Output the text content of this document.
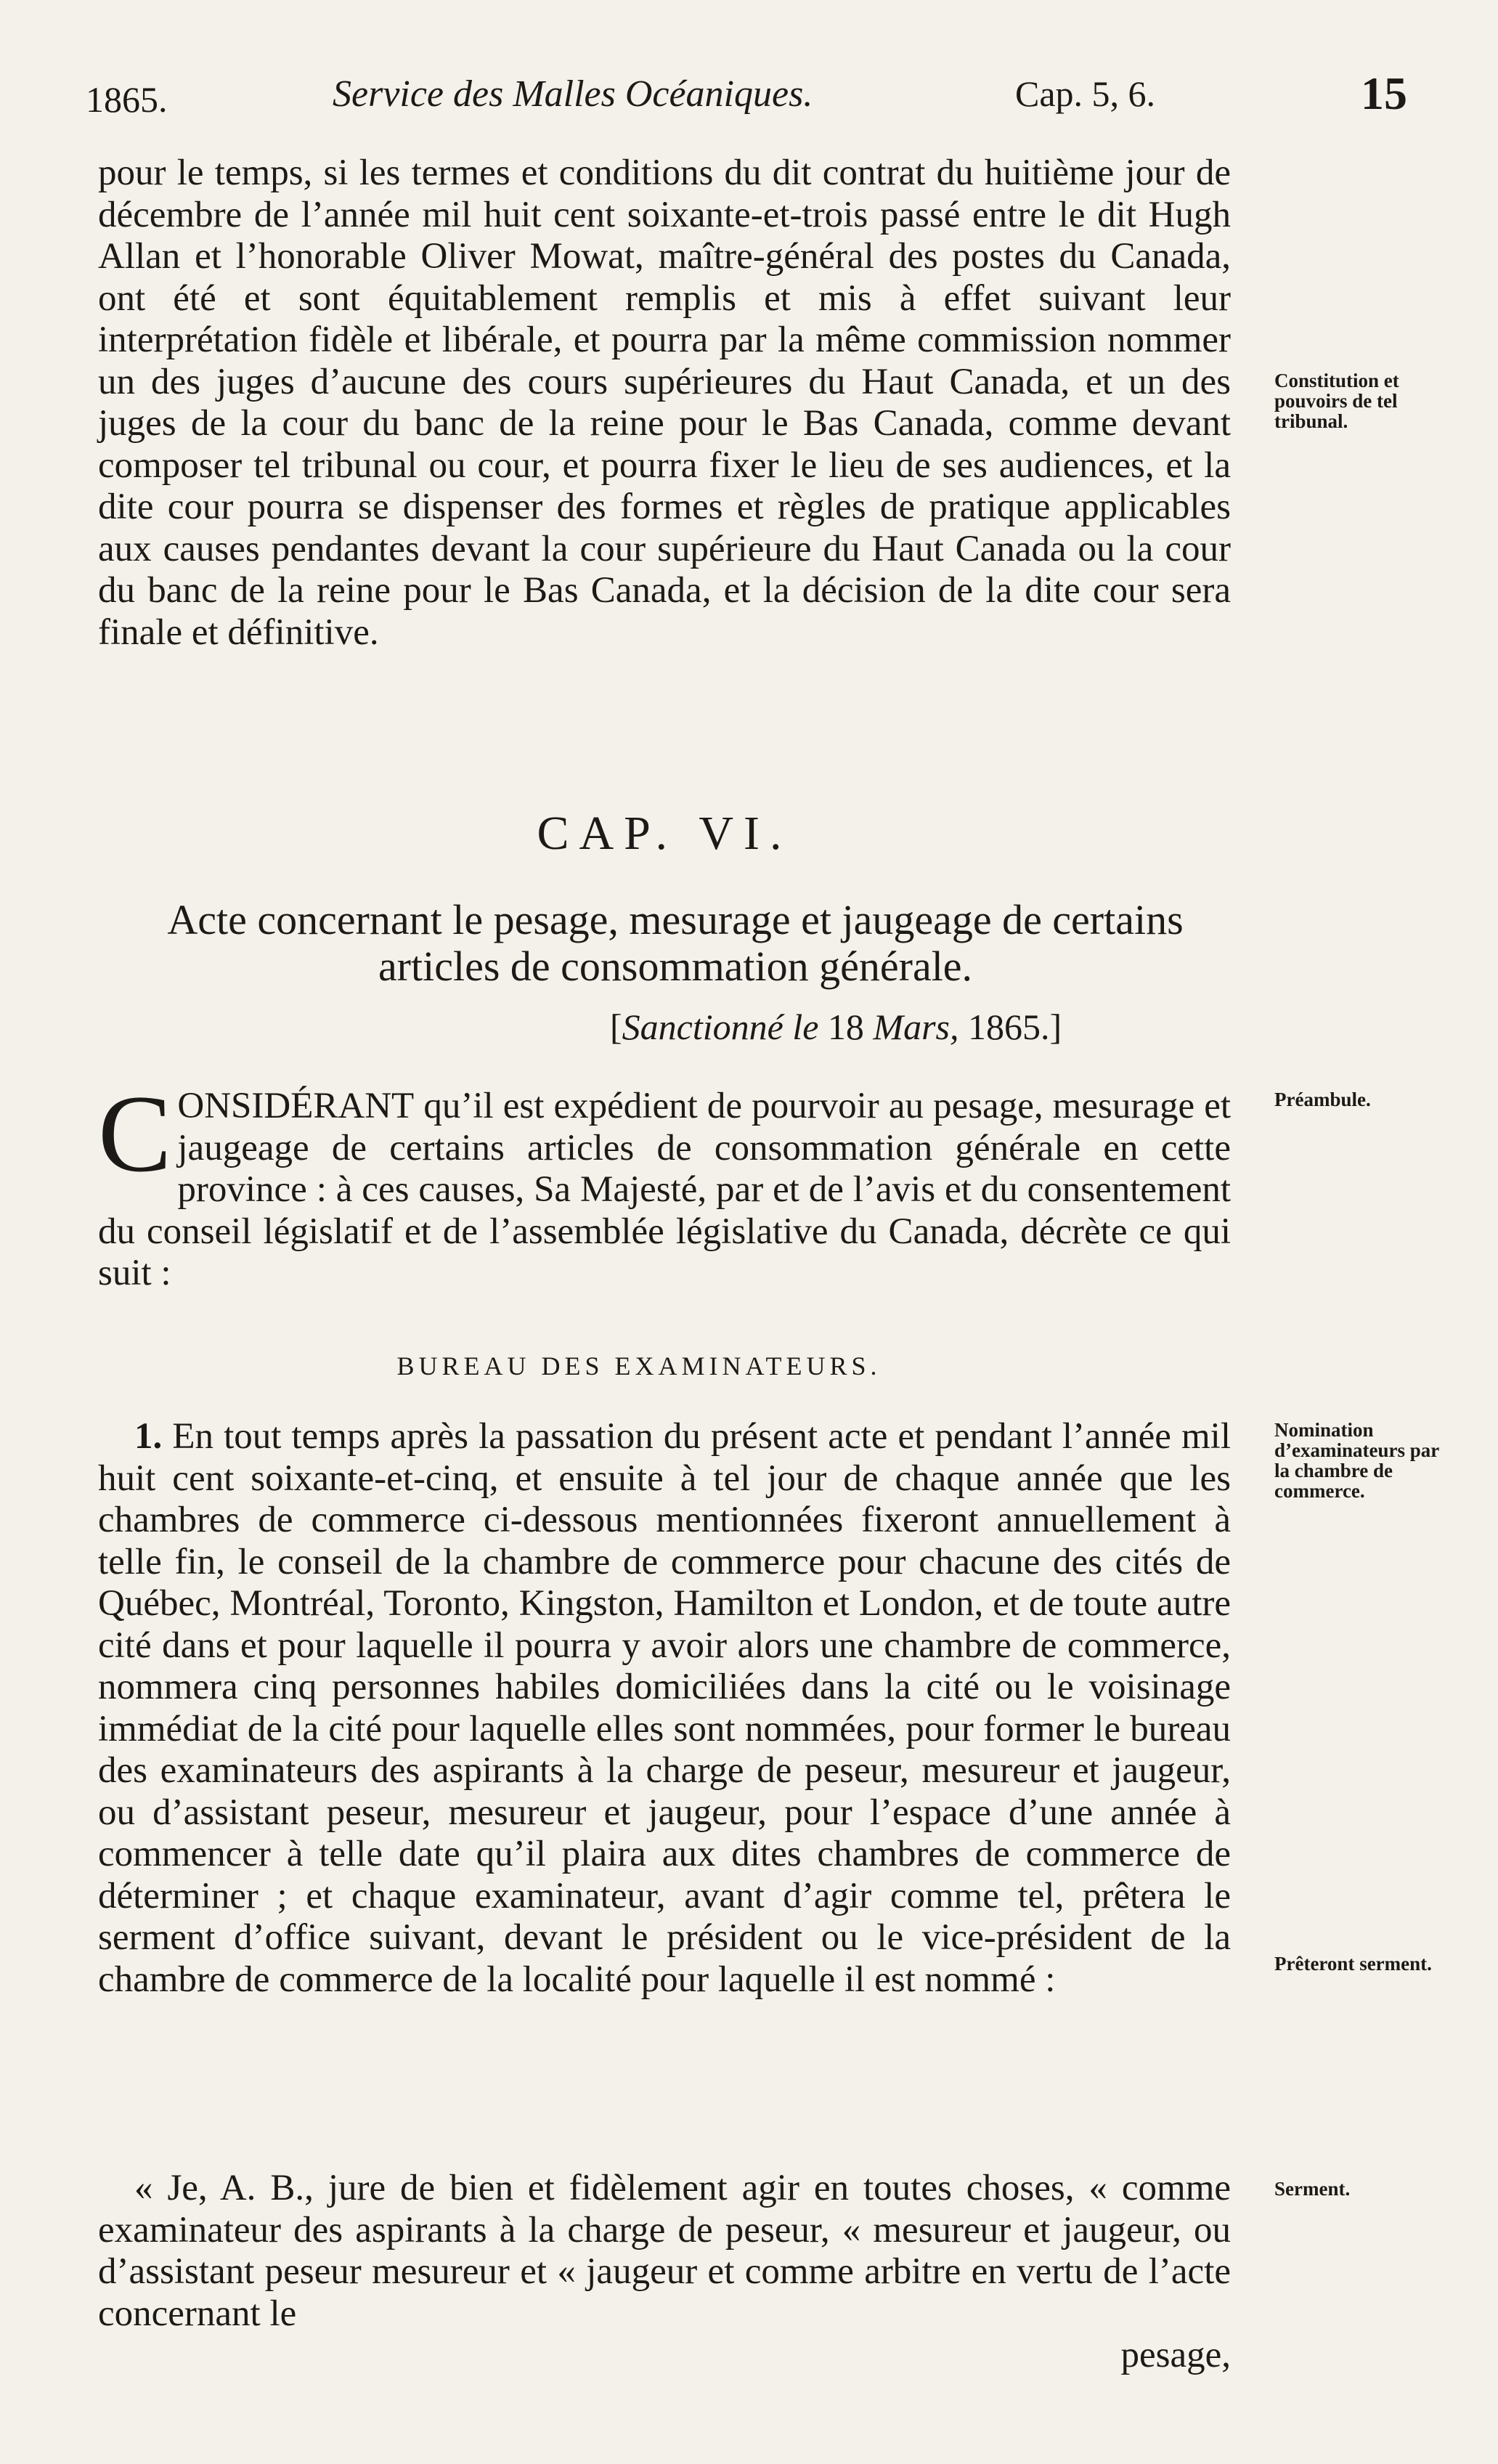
1865.	Service des Malles Océaniques.	Cap. 5, 6.	15
pour le temps, si les termes et conditions du dit contrat du huitième jour de décembre de l’année mil huit cent soixante-et-trois passé entre le dit Hugh Allan et l’honorable Oliver Mowat, maître-général des postes du Canada, ont été et sont équitablement remplis et mis à effet suivant leur interprétation fidèle et libérale, et pourra par la même commission nommer un des juges d’aucune des cours supérieures du Haut Canada, et un des juges de la cour du banc de la reine pour le Bas Canada, comme devant composer tel tribunal ou cour, et pourra fixer le lieu de ses audiences, et la dite cour pourra se dispenser des formes et règles de pratique applicables aux causes pendantes devant la cour supérieure du Haut Canada ou la cour du banc de la reine pour le Bas Canada, et la décision de la dite cour sera finale et définitive.
Constitution et pouvoirs de tel tribunal.
CAP. VI.
Acte concernant le pesage, mesurage et jaugeage de certains articles de consommation générale.
[Sanctionné le 18 Mars, 1865.]
CONSIDÉRANT qu’il est expédient de pourvoir au pesage, mesurage et jaugeage de certains articles de consommation générale en cette province : à ces causes, Sa Majesté, par et de l’avis et du consentement du conseil législatif et de l’assemblée législative du Canada, décrète ce qui suit :
Préambule.
BUREAU DES EXAMINATEURS.
1. En tout temps après la passation du présent acte et pendant l’année mil huit cent soixante-et-cinq, et ensuite à tel jour de chaque année que les chambres de commerce ci-dessous mentionnées fixeront annuellement à telle fin, le conseil de la chambre de commerce pour chacune des cités de Québec, Montréal, Toronto, Kingston, Hamilton et London, et de toute autre cité dans et pour laquelle il pourra y avoir alors une chambre de commerce, nommera cinq personnes habiles domiciliées dans la cité ou le voisinage immédiat de la cité pour laquelle elles sont nommées, pour former le bureau des examinateurs des aspirants à la charge de peseur, mesureur et jaugeur, ou d’assistant peseur, mesureur et jaugeur, pour l’espace d’une année à commencer à telle date qu’il plaira aux dites chambres de commerce de déterminer ; et chaque examinateur, avant d’agir comme tel, prêtera le serment d’office suivant, devant le président ou le vice-président de la chambre de commerce de la localité pour laquelle il est nommé :
Nomination d’examinateurs par la chambre de commerce.
Prêteront serment.
« Je, A. B., jure de bien et fidèlement agir en toutes choses, « comme examinateur des aspirants à la charge de peseur, « mesureur et jaugeur, ou d’assistant peseur mesureur et « jaugeur et comme arbitre en vertu de l’acte concernant le
pesage,
Serment.
